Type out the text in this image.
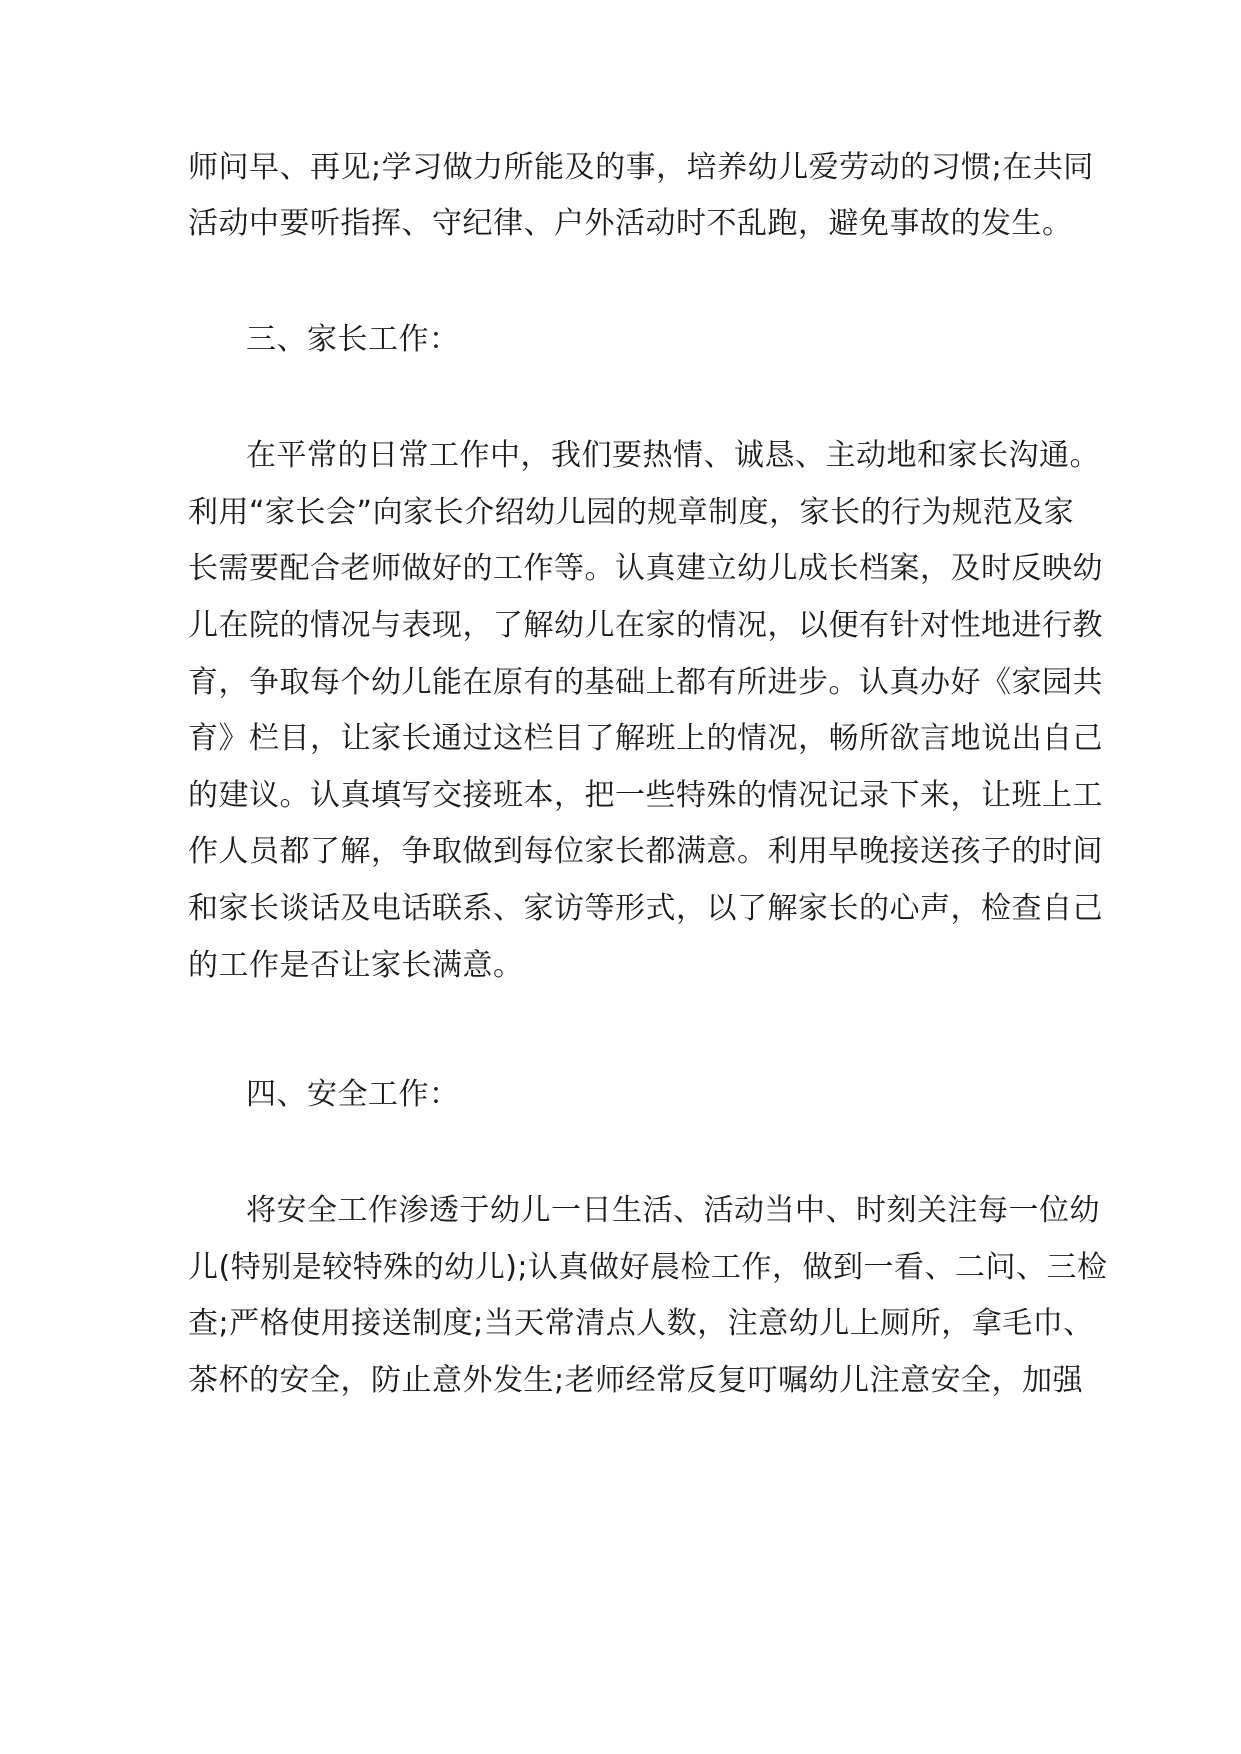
师问早、再见;学习做力所能及的事，培养幼儿爱劳动的习惯;在共同
活动中要听指挥、守纪律、户外活动时不乱跑，避免事故的发生。
三、家长工作：
在平常的日常工作中，我们要热情、诚恳、主动地和家长沟通。
利用“家长会”向家长介绍幼儿园的规章制度，家长的行为规范及家
长需要配合老师做好的工作等。认真建立幼儿成长档案，及时反映幼
儿在院的情况与表现，了解幼儿在家的情况，以便有针对性地进行教
育，争取每个幼儿能在原有的基础上都有所进步。认真办好《家园共
育》栏目，让家长通过这栏目了解班上的情况，畅所欲言地说出自己
的建议。认真填写交接班本，把一些特殊的情况记录下来，让班上工
作人员都了解，争取做到每位家长都满意。利用早晚接送孩子的时间
和家长谈话及电话联系、家访等形式，以了解家长的心声，检查自己
的工作是否让家长满意。
四、安全工作：
将安全工作渗透于幼儿一日生活、活动当中、时刻关注每一位幼
儿(特别是较特殊的幼儿);认真做好晨检工作，做到一看、二问、三检
查;严格使用接送制度;当天常清点人数，注意幼儿上厕所，拿毛巾、
茶杯的安全，防止意外发生;老师经常反复叮嘱幼儿注意安全，加强
